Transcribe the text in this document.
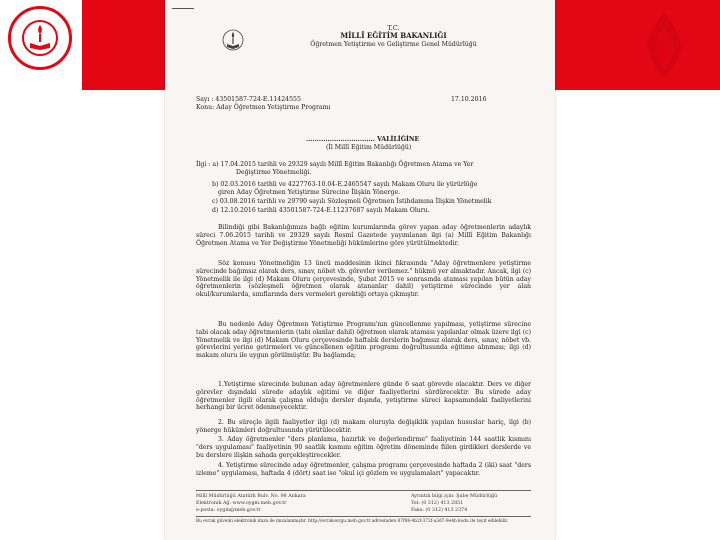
T.C.
MİLLÎ EĞİTİM BAKANLIĞI
Öğretmen Yetiştirme ve Geliştirme Genel Müdürlüğü
Sayı : 43501587-724-E.11424555	17.10.2016
Konu: Aday Öğretmen Yetiştirme Programı
................................ VALİLİĞİNE
(İl Millî Eğitim Müdürlüğü)
İlgi : a) 17.04.2015 tarihli ve 29329 sayılı Millî Eğitim Bakanlığı Öğretmen Atama ve Yer
Değiştirme Yönetmeliği.
b) 02.03.2016 tarihli ve 4227763-10.04-E.2465547 sayılı Makam Oluru ile yürürlüğe
giren Aday Öğretmen Yetiştirme Sürecine İlişkin Yönerge.
c) 03.08.2016 tarihli ve 29790 sayılı Sözleşmeli Öğretmen İstihdamına İlişkin Yönetmelik
d) 12.10.2016 tarihli 43501587-724-E.11237687 sayılı Makam Oluru.
Bilindiği gibi Bakanlığımıza bağlı eğitim kurumlarında görev yapan aday öğretmenlerin adaylık süreci 7.06.2015 tarihli ve 29329 sayılı Resmî Gazetede yayımlanan ilgi (a) Millî Eğitim Bakanlığı Öğretmen Atama ve Yer Değiştirme Yönetmeliği hükümlerine göre yürütülmektedir.
Söz konusu Yönetmeliğin 13 üncü maddesinin ikinci fıkrasında "Aday öğretmenlere yetiştirme sürecinde bağımsız olarak ders, sınav, nöbet vb. görevler verilemez." hükmü yer almaktadır. Ancak, ilgi (c) Yönetmelik ile ilgi (d) Makam Oluru çerçevesinde, Şubat 2015 ve sonrasında ataması yapılan bütün aday öğretmenlerin (sözleşmeli öğretmen olarak atananlar dahil) yetiştirme sürecinde yer alan okul/kurumlarda, sınıflarında ders vermeleri gerektiği ortaya çıkmıştır.
Bu nedenle Aday Öğretmen Yetiştirme Programı'nın güncellenme yapılması, yetiştirme sürecine tabi olacak aday öğretmenlerin (tabi olanlar dahil) öğretmen olarak ataması yapılanlar olmak üzere ilgi (c) Yönetmelik ve ilgi (d) Makam Oluru çerçevesinde haftalık derslerin bağımsız olarak ders, sınav, nöbet vb. görevlerini yerine getirmeleri ve güncellenen eğitim programı doğrultusunda eğitime alınması; ilgi (d) makam oluru ile uygun görülmüştür. Bu bağlamda;
1.Yetiştirme sürecinde bulunan aday öğretmenlere günde 6 saat görevde olacaktır. Ders ve diğer görevler dışındaki sürede adaylık eğitimi ve diğer faaliyetlerini sürdürecektir. Bu sürede aday öğretmenler ilgili olarak çalışma olduğu dersler dışında, yetiştirme süreci kapsamındaki faaliyetlerini herhangi bir ücret ödenmeyecektir.
2. Bu süreçle ilgili faaliyetler ilgi (d) makam oluruyla değişiklik yapılan hususlar hariç, ilgi (b) yönerge hükümleri doğrultusunda yürütülecektir.
3. Aday öğretmenler "ders planlama, hazırlık ve değerlendirme" faaliyetinin 144 saatlik kısmını "ders uygulaması" faaliyetinin 90 saatlik kısmını eğitim öğretim döneminde fiilen girdikleri derslerde ve bu derslere ilişkin sahada gerçekleştirecekler.
4. Yetiştirme sürecinde aday öğretmenler, çalışma programı çerçevesinde haftada 2 (iki) saat "ders izleme" uygulaması, haftada 4 (dört) saat ise "okul içi gözlem ve uygulamaları" yapacaktır.
Millî Müdürlüğü Atatürk Bulv. No. 98 Ankara
Elektronik Ağ: www.oygm.meb.gov.tr
e-posta: oygm@meb.gov.tr
Ayrıntılı bilgi için: Şube Müdürlüğü
Tel: (0 312) 413 2851
Faks: (0 312) 413 2374
Bu evrak güvenli elektronik imza ile imzalanmıştır. http://evraksorgu.meb.gov.tr adresinden 87f98-4b2f-372f-a3d7-9e4b kodu ile teyit edilebilir.
